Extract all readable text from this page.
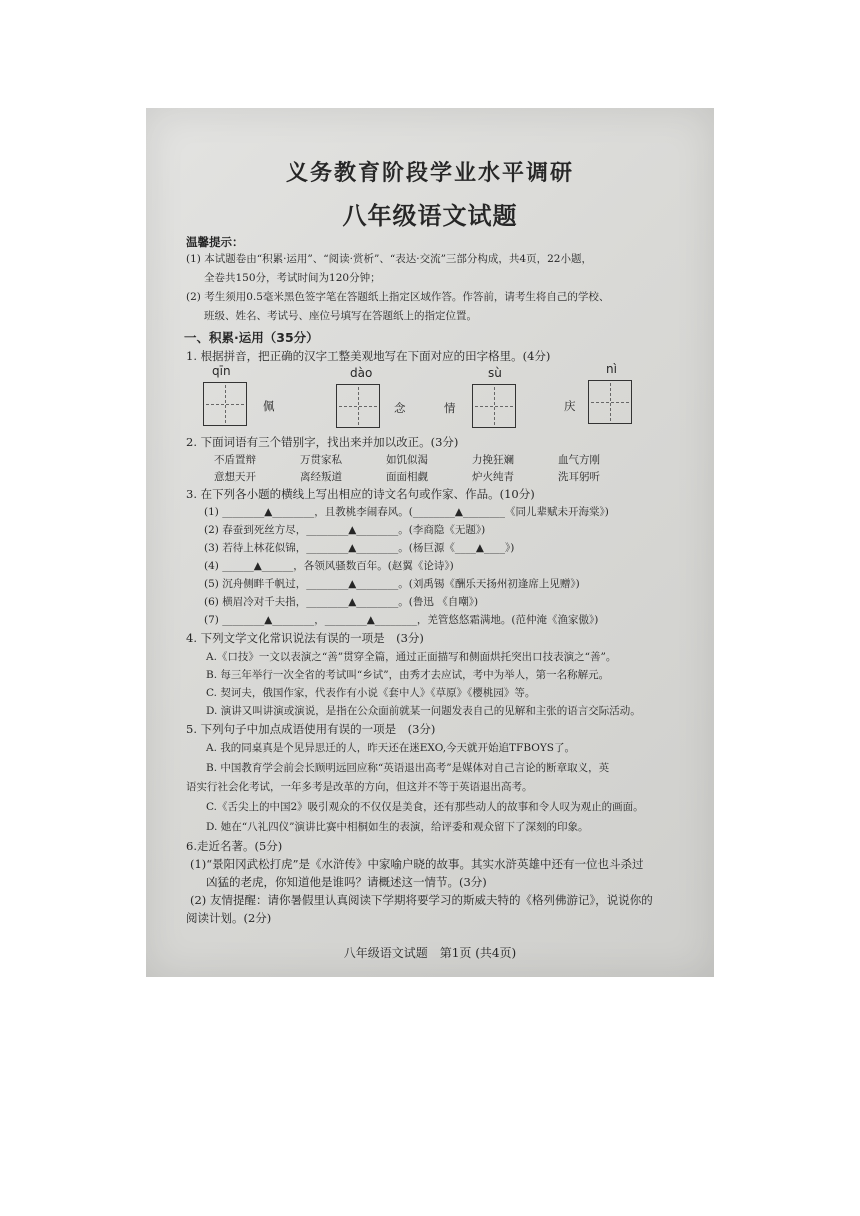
义务教育阶段学业水平调研
八年级语文试题
温馨提示：
(1) 本试题卷由“积累·运用”、“阅读·赏析”、“表达·交流”三部分构成，共4页，22小题，
全卷共150分，考试时间为120分钟；
(2) 考生须用0.5毫米黑色签字笔在答题纸上指定区域作答。作答前，请考生将自己的学校、
班级、姓名、考试号、座位号填写在答题纸上的指定位置。
一、积累·运用（35分）
1. 根据拼音，把正确的汉字工整美观地写在下面对应的田字格里。(4分)
qīn	dào	sù	nì
佩	念	情	庆
2. 下面词语有三个错别字，找出来并加以改正。(3分)
不盾置辩	万贯家私	如饥似渴	力挽狂斓	血气方刚
意想天开	离经叛道	面面相觑	炉火纯青	洗耳躬听
3. 在下列各小题的横线上写出相应的诗文名句或作家、作品。(10分)
(1) ________▲________，且教桃李闹春风。(________▲________《同儿辈赋未开海棠》)
(2) 春蚕到死丝方尽，________▲________。(李商隐《无题》)
(3) 若待上林花似锦，________▲________。(杨巨源《____▲____》)
(4) ______▲______，各领风骚数百年。(赵翼《论诗》)
(5) 沉舟侧畔千帆过，________▲________。(刘禹锡《酬乐天扬州初逢席上见赠》)
(6) 横眉冷对千夫指，________▲________。(鲁迅 《自嘲》)
(7) ________▲________，________▲________，羌管悠悠霜满地。(范仲淹《渔家傲》)
4. 下列文学文化常识说法有误的一项是　(3分)
A.《口技》一文以表演之“善”贯穿全篇，通过正面描写和侧面烘托突出口技表演之“善”。
B. 每三年举行一次全省的考试叫“乡试”，由秀才去应试，考中为举人，第一名称解元。
C. 契诃夫，俄国作家，代表作有小说《套中人》《草原》《樱桃园》等。
D. 演讲又叫讲演或演说，是指在公众面前就某一问题发表自己的见解和主张的语言交际活动。
5. 下列句子中加点成语使用有误的一项是　(3分)
A. 我的同桌真是个见异思迁的人，昨天还在迷EXO,今天就开始追TFBOYS了。
B. 中国教育学会前会长顾明远回应称“英语退出高考”是媒体对自己言论的断章取义，英
语实行社会化考试，一年多考是改革的方向，但这并不等于英语退出高考。
C.《舌尖上的中国2》吸引观众的不仅仅是美食，还有那些动人的故事和令人叹为观止的画面。
D. 她在“八礼四仪”演讲比赛中相桐如生的表演，给评委和观众留下了深刻的印象。
6.走近名著。(5分)
(1)“景阳冈武松打虎”是《水浒传》中家喻户晓的故事。其实水浒英雄中还有一位也斗杀过
凶猛的老虎，你知道他是谁吗？请概述这一情节。(3分)
(2) 友情提醒：请你暑假里认真阅读下学期将要学习的斯威夫特的《格列佛游记》，说说你的
阅读计划。(2分)
八年级语文试题　第1页 (共4页)
